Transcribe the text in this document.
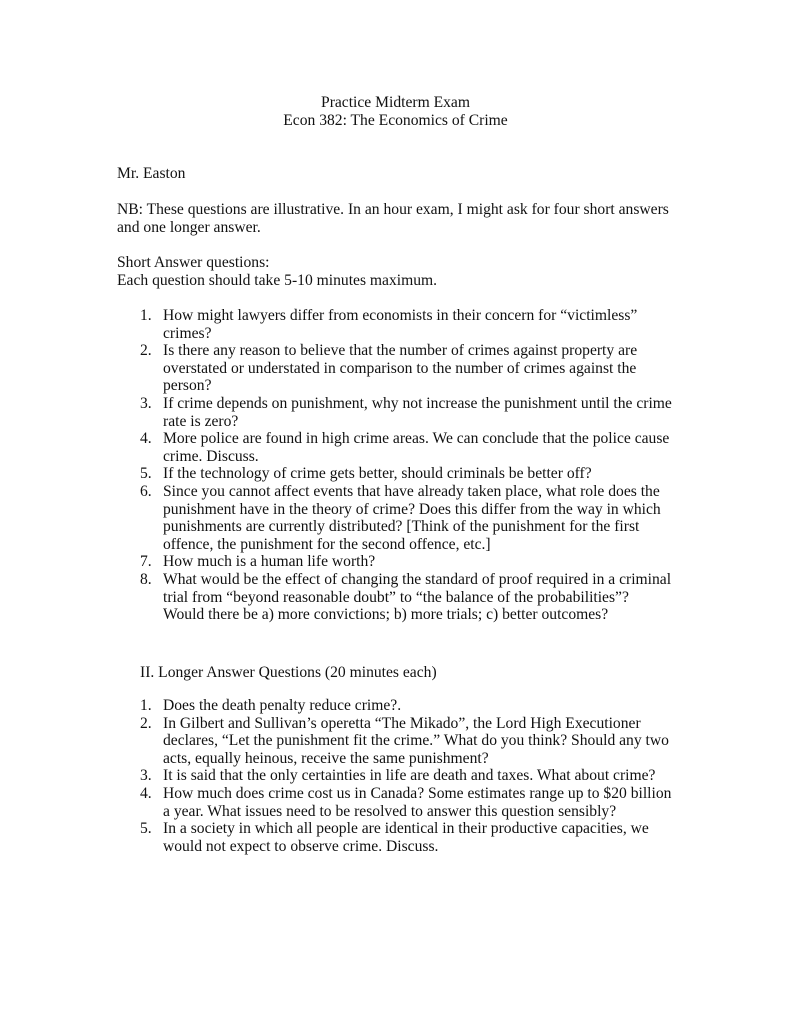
Practice Midterm Exam
Econ 382: The Economics of Crime
Mr. Easton
NB: These questions are illustrative. In an hour exam, I might ask for four short answers
and one longer answer.
Short Answer questions:
Each question should take 5-10 minutes maximum.
1. How might lawyers differ from economists in their concern for “victimless”
crimes?
2. Is there any reason to believe that the number of crimes against property are
overstated or understated in comparison to the number of crimes against the
person?
3. If crime depends on punishment, why not increase the punishment until the crime
rate is zero?
4. More police are found in high crime areas. We can conclude that the police cause
crime. Discuss.
5. If the technology of crime gets better, should criminals be better off?
6. Since you cannot affect events that have already taken place, what role does the
punishment have in the theory of crime? Does this differ from the way in which
punishments are currently distributed? [Think of the punishment for the first
offence, the punishment for the second offence, etc.]
7. How much is a human life worth?
8. What would be the effect of changing the standard of proof required in a criminal
trial from “beyond reasonable doubt” to “the balance of the probabilities”?
Would there be a) more convictions; b) more trials; c) better outcomes?
II. Longer Answer Questions (20 minutes each)
1. Does the death penalty reduce crime?.
2. In Gilbert and Sullivan’s operetta “The Mikado”, the Lord High Executioner
declares, “Let the punishment fit the crime.” What do you think? Should any two
acts, equally heinous, receive the same punishment?
3. It is said that the only certainties in life are death and taxes. What about crime?
4. How much does crime cost us in Canada? Some estimates range up to $20 billion
a year. What issues need to be resolved to answer this question sensibly?
5. In a society in which all people are identical in their productive capacities, we
would not expect to observe crime. Discuss.
